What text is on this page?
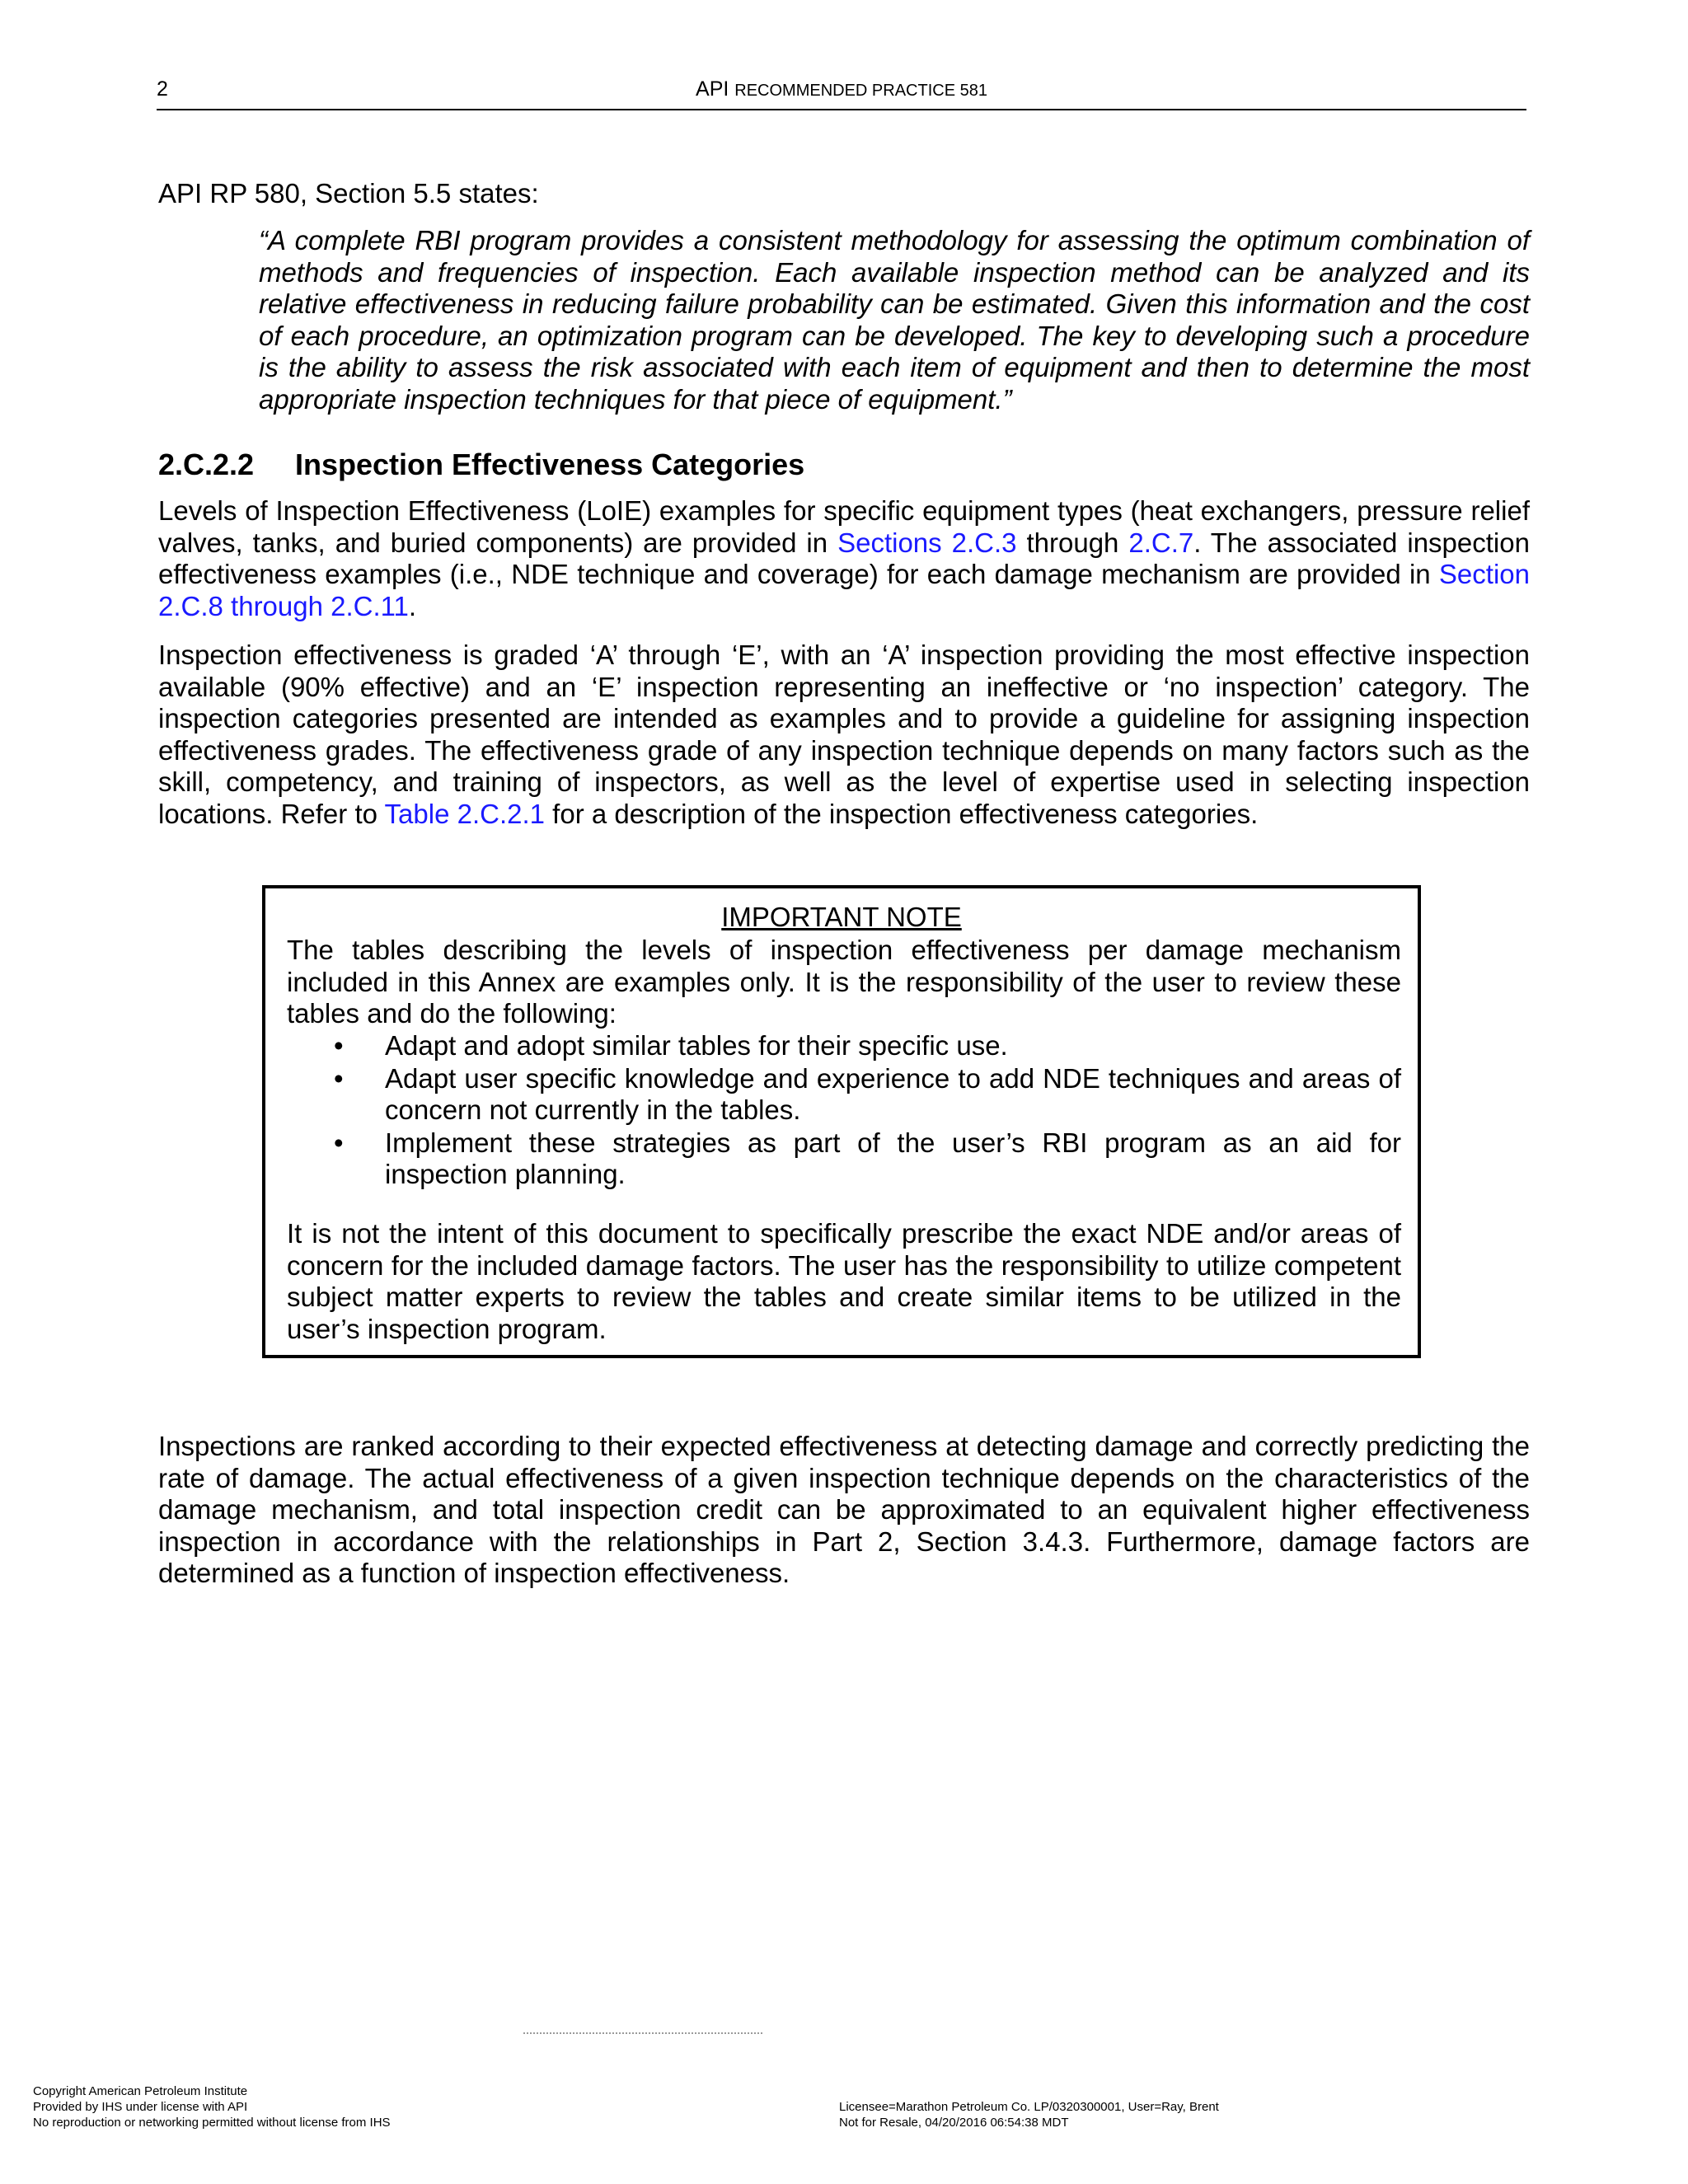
2	API RECOMMENDED PRACTICE 581

API RP 580, Section 5.5 states:

“A complete RBI program provides a consistent methodology for assessing the optimum combination of methods and frequencies of inspection. Each available inspection method can be analyzed and its relative effectiveness in reducing failure probability can be estimated. Given this information and the cost of each procedure, an optimization program can be developed. The key to developing such a procedure is the ability to assess the risk associated with each item of equipment and then to determine the most appropriate inspection techniques for that piece of equipment.”

2.C.2.2 Inspection Effectiveness Categories

Levels of Inspection Effectiveness (LoIE) examples for specific equipment types (heat exchangers, pressure relief valves, tanks, and buried components) are provided in Sections 2.C.3 through 2.C.7. The associated inspection effectiveness examples (i.e., NDE technique and coverage) for each damage mechanism are provided in Section 2.C.8 through 2.C.11.

Inspection effectiveness is graded ‘A’ through ‘E’, with an ‘A’ inspection providing the most effective inspection available (90% effective) and an ‘E’ inspection representing an ineffective or ‘no inspection’ category. The inspection categories presented are intended as examples and to provide a guideline for assigning inspection effectiveness grades. The effectiveness grade of any inspection technique depends on many factors such as the skill, competency, and training of inspectors, as well as the level of expertise used in selecting inspection locations. Refer to Table 2.C.2.1 for a description of the inspection effectiveness categories.

IMPORTANT NOTE

The tables describing the levels of inspection effectiveness per damage mechanism included in this Annex are examples only. It is the responsibility of the user to review these tables and do the following:

• Adapt and adopt similar tables for their specific use.
• Adapt user specific knowledge and experience to add NDE techniques and areas of concern not currently in the tables.
• Implement these strategies as part of the user’s RBI program as an aid for inspection planning.

It is not the intent of this document to specifically prescribe the exact NDE and/or areas of concern for the included damage factors. The user has the responsibility to utilize competent subject matter experts to review the tables and create similar items to be utilized in the user’s inspection program.

Inspections are ranked according to their expected effectiveness at detecting damage and correctly predicting the rate of damage. The actual effectiveness of a given inspection technique depends on the characteristics of the damage mechanism, and total inspection credit can be approximated to an equivalent higher effectiveness inspection in accordance with the relationships in Part 2, Section 3.4.3. Furthermore, damage factors are determined as a function of inspection effectiveness.

Copyright American Petroleum Institute
Provided by IHS under license with API
No reproduction or networking permitted without license from IHS
Licensee=Marathon Petroleum Co. LP/0320300001, User=Ray, Brent
Not for Resale, 04/20/2016 06:54:38 MDT
